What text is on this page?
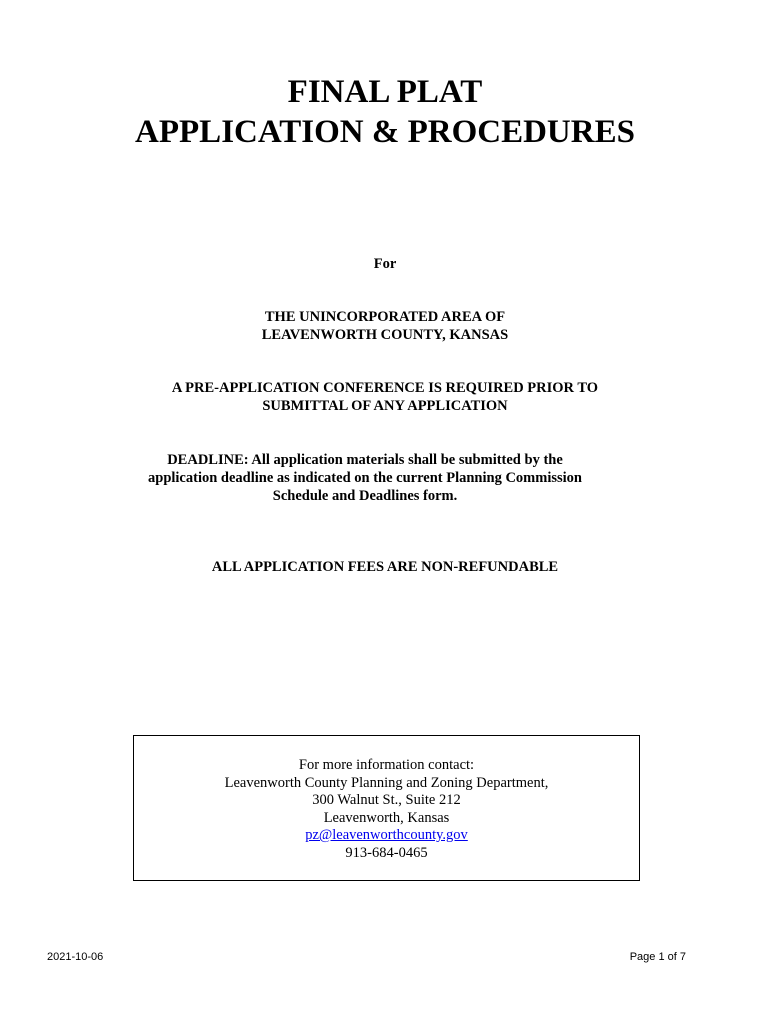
FINAL PLAT
APPLICATION & PROCEDURES
For
THE UNINCORPORATED AREA OF
LEAVENWORTH COUNTY, KANSAS
A PRE-APPLICATION CONFERENCE IS REQUIRED PRIOR TO
SUBMITTAL OF ANY APPLICATION
DEADLINE: All application materials shall be submitted by the
application deadline as indicated on the current Planning Commission
Schedule and Deadlines form.
ALL APPLICATION FEES ARE NON-REFUNDABLE
For more information contact:
Leavenworth County Planning and Zoning Department,
300 Walnut St., Suite 212
Leavenworth, Kansas
pz@leavenworthcounty.gov
913-684-0465
2021-10-06	Page 1 of 7
